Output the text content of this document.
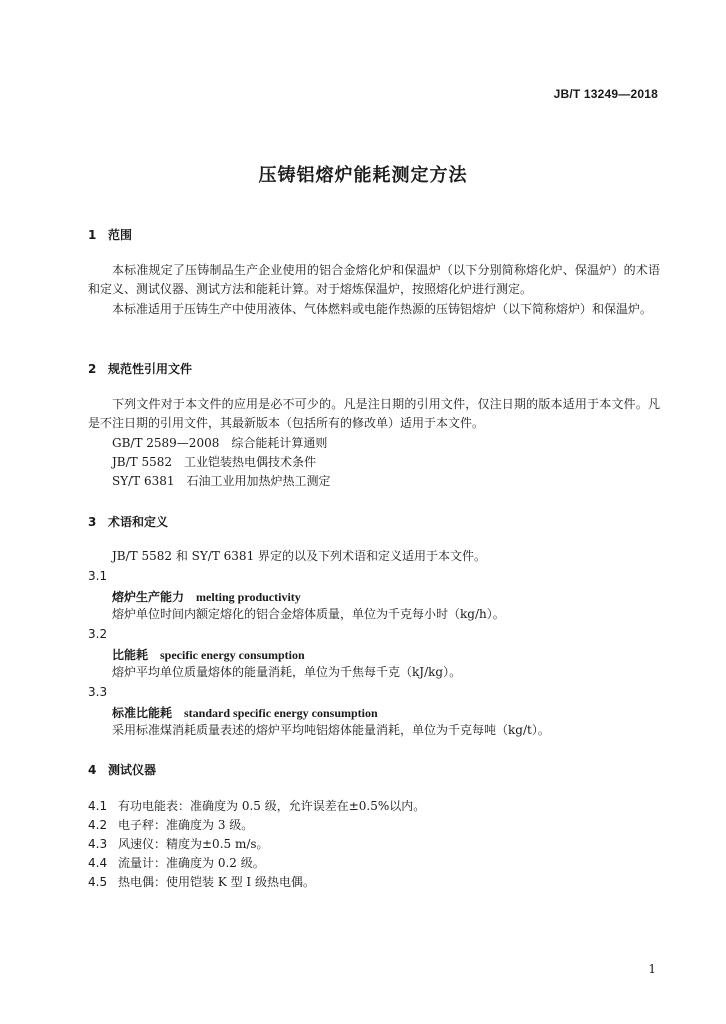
JB/T 13249—2018
压铸铝熔炉能耗测定方法
1 范围
本标准规定了压铸制品生产企业使用的铝合金熔化炉和保温炉（以下分别简称熔化炉、保温炉）的术语和定义、测试仪器、测试方法和能耗计算。对于熔炼保温炉，按照熔化炉进行测定。
本标准适用于压铸生产中使用液体、气体燃料或电能作热源的压铸铝熔炉（以下简称熔炉）和保温炉。
2 规范性引用文件
下列文件对于本文件的应用是必不可少的。凡是注日期的引用文件，仅注日期的版本适用于本文件。凡是不注日期的引用文件，其最新版本（包括所有的修改单）适用于本文件。
GB/T 2589—2008　综合能耗计算通则
JB/T 5582　工业铠装热电偶技术条件
SY/T 6381　石油工业用加热炉热工测定
3 术语和定义
JB/T 5582 和 SY/T 6381 界定的以及下列术语和定义适用于本文件。
3.1
熔炉生产能力 melting productivity
熔炉单位时间内额定熔化的铝合金熔体质量，单位为千克每小时（kg/h）。
3.2
比能耗 specific energy consumption
熔炉平均单位质量熔体的能量消耗，单位为千焦每千克（kJ/kg）。
3.3
标准比能耗 standard specific energy consumption
采用标准煤消耗质量表述的熔炉平均吨铝熔体能量消耗，单位为千克每吨（kg/t）。
4 测试仪器
4.1 有功电能表：准确度为 0.5 级，允许误差在±0.5%以内。
4.2 电子秤：准确度为 3 级。
4.3 风速仪：精度为±0.5 m/s。
4.4 流量计：准确度为 0.2 级。
4.5 热电偶：使用铠装 K 型 I 级热电偶。
1
